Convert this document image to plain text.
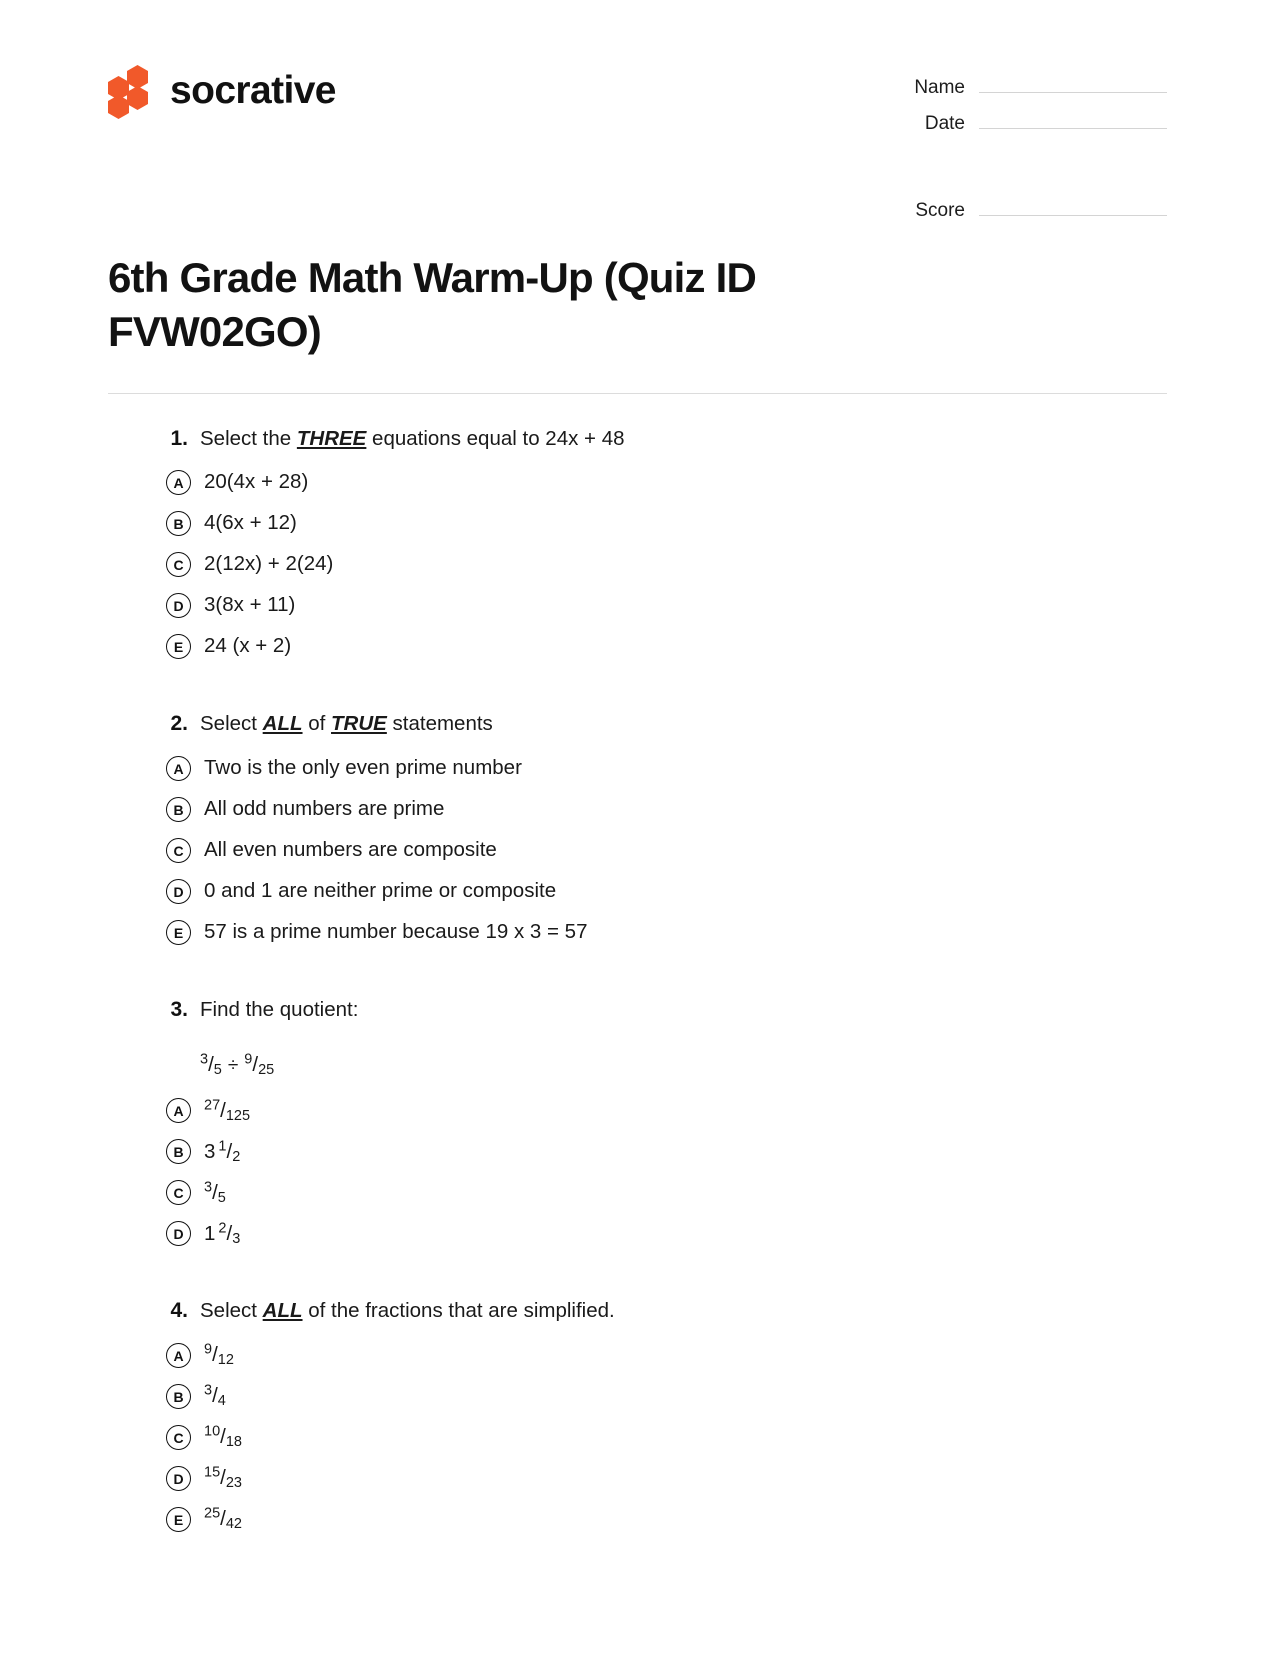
socrative	Name
Date
Score
6th Grade Math Warm-Up (Quiz ID FVW02GO)
1. Select the THREE equations equal to 24x + 48
A 20(4x + 28)
B 4(6x + 12)
C 2(12x) + 2(24)
D 3(8x + 11)
E	24 (x + 2)
2. Select ALL of TRUE statements
A Two is the only even prime number
B All odd numbers are prime
C All even numbers are composite
D 0 and 1 are neither prime or composite
E	57 is a prime number because 19 x 3 = 57
3. Find the quotient:
$^3$/5 ÷ $^9$/25
A	$^{27}$/125
B 3 $^1$/2
C	$^3$/5
D 1 $^2$/3
4. Select ALL of the fractions that are simplified.
A	$^9$/12
B	$^3$/4
C	$^{10}$/18
D	$^{15}$/23
E	$^{25}$/42
